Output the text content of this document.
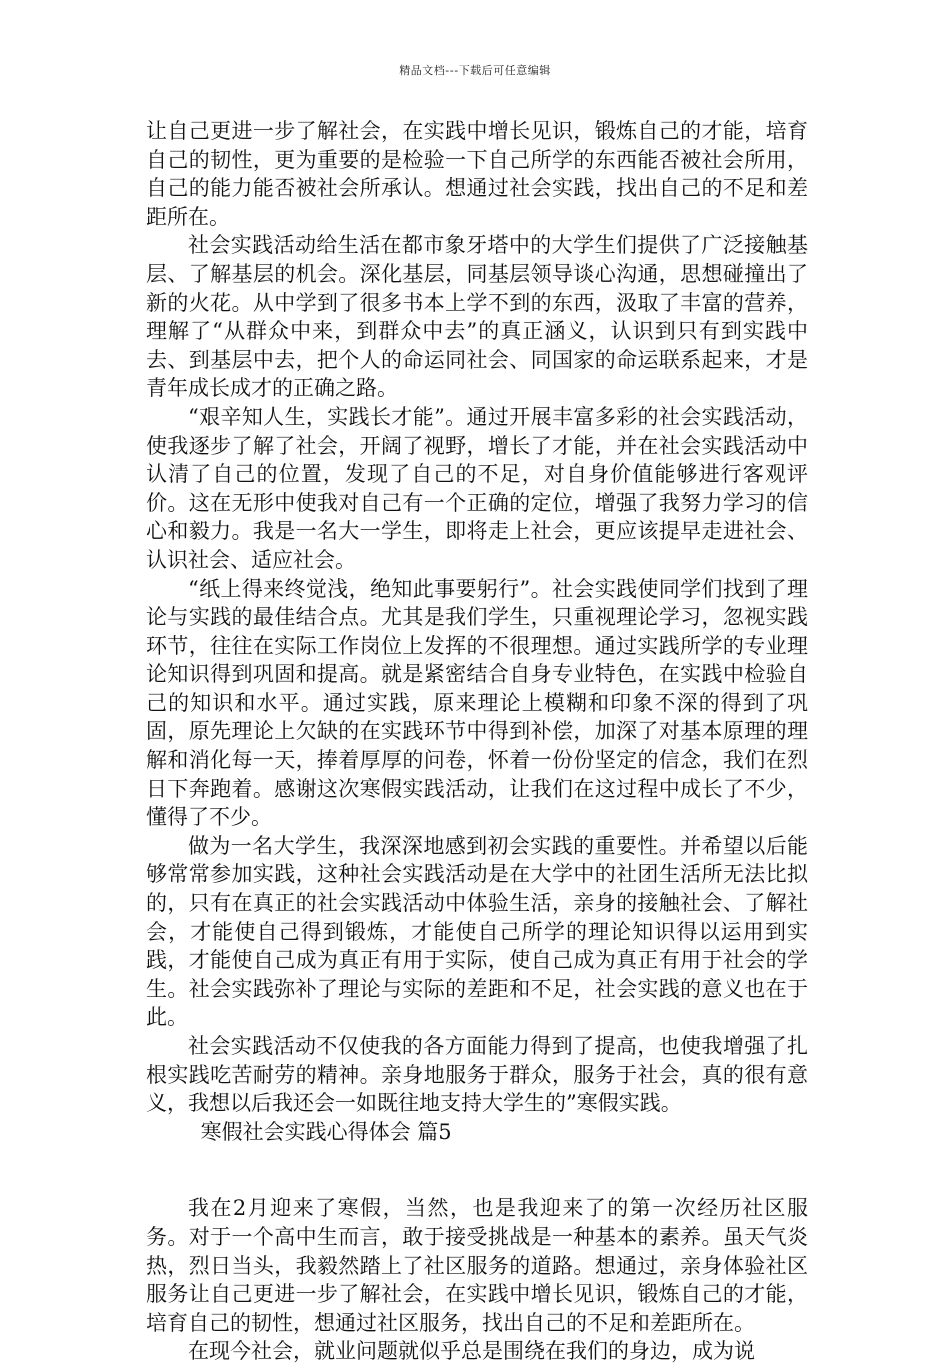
精品文档---下载后可任意编辑

让自己更进一步了解社会，在实践中增长见识，锻炼自己的才能，培育自己的韧性，更为重要的是检验一下自己所学的东西能否被社会所用，自己的能力能否被社会所承认。想通过社会实践，找出自己的不足和差距所在。

社会实践活动给生活在都市象牙塔中的大学生们提供了广泛接触基层、了解基层的机会。深化基层，同基层领导谈心沟通，思想碰撞出了新的火花。从中学到了很多书本上学不到的东西，汲取了丰富的营养，理解了“从群众中来，到群众中去”的真正涵义，认识到只有到实践中去、到基层中去，把个人的命运同社会、同国家的命运联系起来，才是青年成长成才的正确之路。

“艰辛知人生，实践长才能”。通过开展丰富多彩的社会实践活动，使我逐步了解了社会，开阔了视野，增长了才能，并在社会实践活动中认清了自己的位置，发现了自己的不足，对自身价值能够进行客观评价。这在无形中使我对自己有一个正确的定位，增强了我努力学习的信心和毅力。我是一名大一学生，即将走上社会，更应该提早走进社会、认识社会、适应社会。

“纸上得来终觉浅，绝知此事要躬行”。社会实践使同学们找到了理论与实践的最佳结合点。尤其是我们学生，只重视理论学习，忽视实践环节，往往在实际工作岗位上发挥的不很理想。通过实践所学的专业理论知识得到巩固和提高。就是紧密结合自身专业特色，在实践中检验自己的知识和水平。通过实践，原来理论上模糊和印象不深的得到了巩固，原先理论上欠缺的在实践环节中得到补偿，加深了对基本原理的理解和消化每一天，捧着厚厚的问卷，怀着一份份坚定的信念，我们在烈日下奔跑着。感谢这次寒假实践活动，让我们在这过程中成长了不少，懂得了不少。

做为一名大学生，我深深地感到初会实践的重要性。并希望以后能够常常参加实践，这种社会实践活动是在大学中的社团生活所无法比拟的，只有在真正的社会实践活动中体验生活，亲身的接触社会、了解社会，才能使自己得到锻炼，才能使自己所学的理论知识得以运用到实践，才能使自己成为真正有用于实际，使自己成为真正有用于社会的学生。社会实践弥补了理论与实际的差距和不足，社会实践的意义也在于此。

社会实践活动不仅使我的各方面能力得到了提高，也使我增强了扎根实践吃苦耐劳的精神。亲身地服务于群众，服务于社会，真的很有意义，我想以后我还会一如既往地支持大学生的”寒假实践。

寒假社会实践心得体会 篇5

我在2月迎来了寒假，当然，也是我迎来了的第一次经历社区服务。对于一个高中生而言，敢于接受挑战是一种基本的素养。虽天气炎热，烈日当头，我毅然踏上了社区服务的道路。想通过，亲身体验社区服务让自己更进一步了解社会，在实践中增长见识，锻炼自己的才能，培育自己的韧性，想通过社区服务，找出自己的不足和差距所在。

在现今社会，就业问题就似乎总是围绕在我们的身边，成为说
